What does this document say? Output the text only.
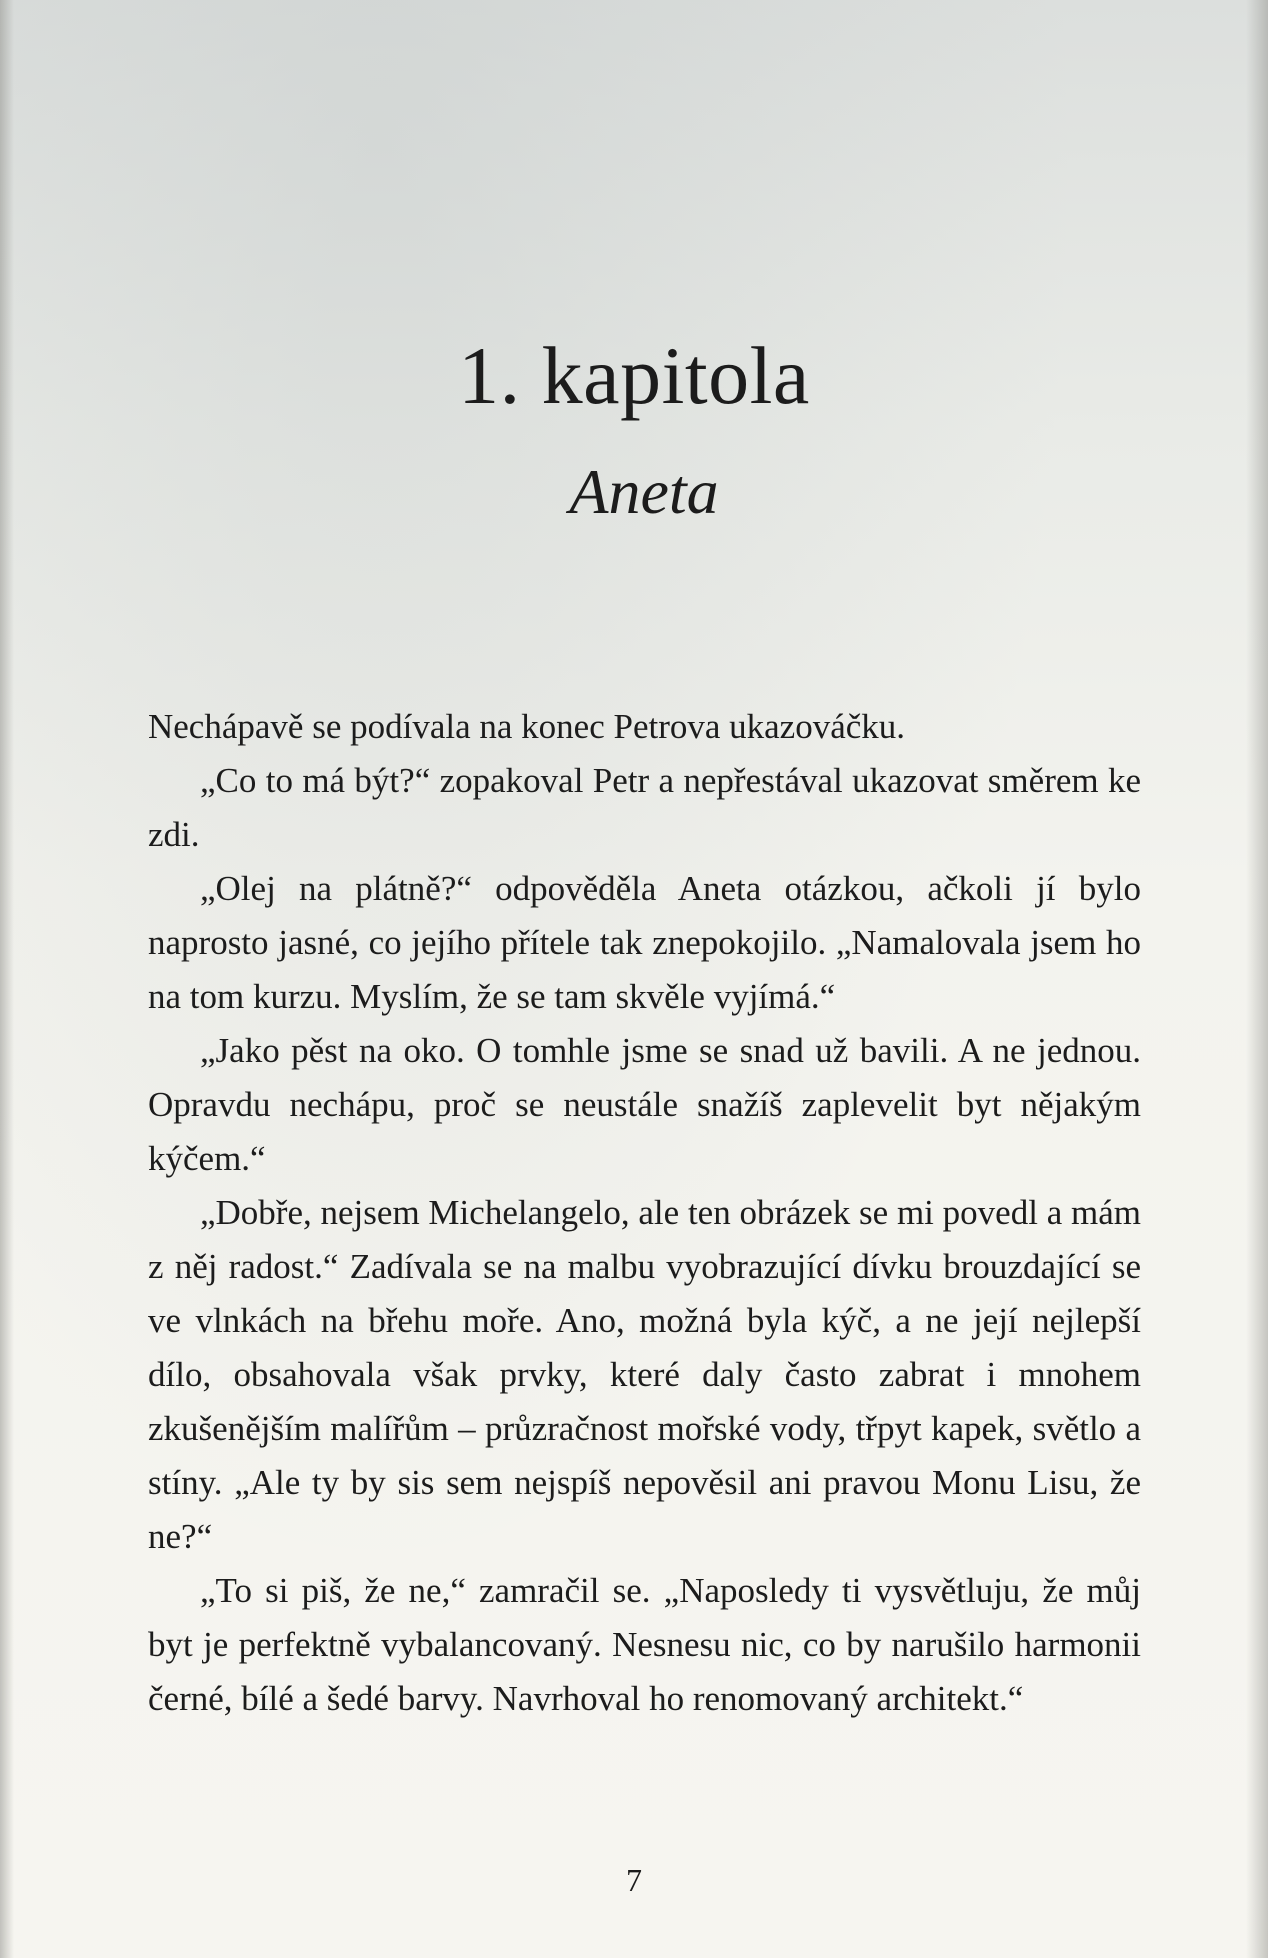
1. kapitola
Aneta

Nechápavě se podívala na konec Petrova ukazováčku.

„Co to má být?“ zopakoval Petr a nepřestával ukazovat směrem ke zdi.

„Olej na plátně?“ odpověděla Aneta otázkou, ačkoli jí bylo naprosto jasné, co jejího přítele tak znepokojilo. „Namalovala jsem ho na tom kurzu. Myslím, že se tam skvěle vyjímá.“

„Jako pěst na oko. O tomhle jsme se snad už bavili. A ne jednou. Opravdu nechápu, proč se neustále snažíš zaplevelit byt nějakým kýčem.“

„Dobře, nejsem Michelangelo, ale ten obrázek se mi povedl a mám z něj radost.“ Zadívala se na malbu vyobrazující dívku brouzdající se ve vlnkách na břehu moře. Ano, možná byla kýč, a ne její nejlepší dílo, obsahovala však prvky, které daly často zabrat i mnohem zkušenějším malířům – průzračnost mořské vody, třpyt kapek, světlo a stíny. „Ale ty by sis sem nejspíš nepověsil ani pravou Monu Lisu, že ne?“

„To si piš, že ne,“ zamračil se. „Naposledy ti vysvětluju, že můj byt je perfektně vybalancovaný. Nesnesu nic, co by narušilo harmonii černé, bílé a šedé barvy. Navrhoval ho renomovaný architekt.“

7
